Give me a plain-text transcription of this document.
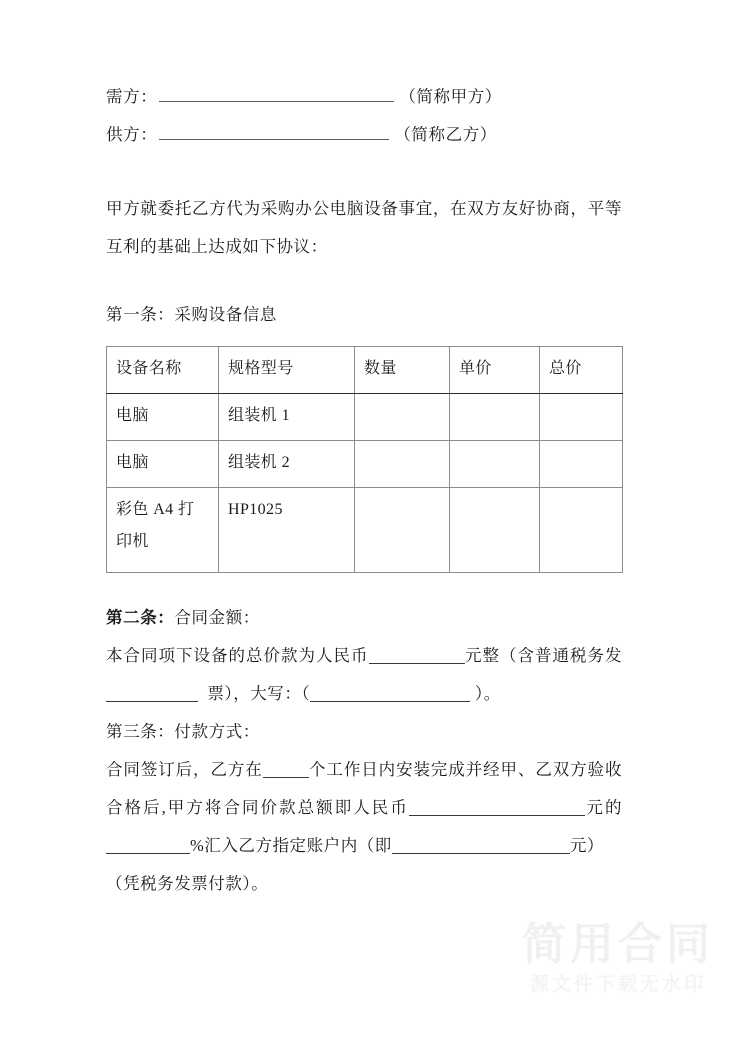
需方：	（简称甲方）
供方：	（简称乙方）

甲方就委托乙方代为采购办公电脑设备事宜，在双方友好协商，平等互利的基础上达成如下协议：

第一条：采购设备信息

设备名称	规格型号	数量	单价	总价
电脑	组装机 1			
电脑	组装机 2			
彩色 A4 打印机	HP1025			

第二条：合同金额：

本合同项下设备的总价款为人民币	元整（含普通税务发  票），大写：（	）。

第三条：付款方式：

合同签订后，乙方在	个工作日内安装完成并经甲、乙双方验收合格后,甲方将合同价款总额即人民币	元的%汇入乙方指定账户内（即	元）

（凭税务发票付款）。

简用合同
源文件下载无水印
